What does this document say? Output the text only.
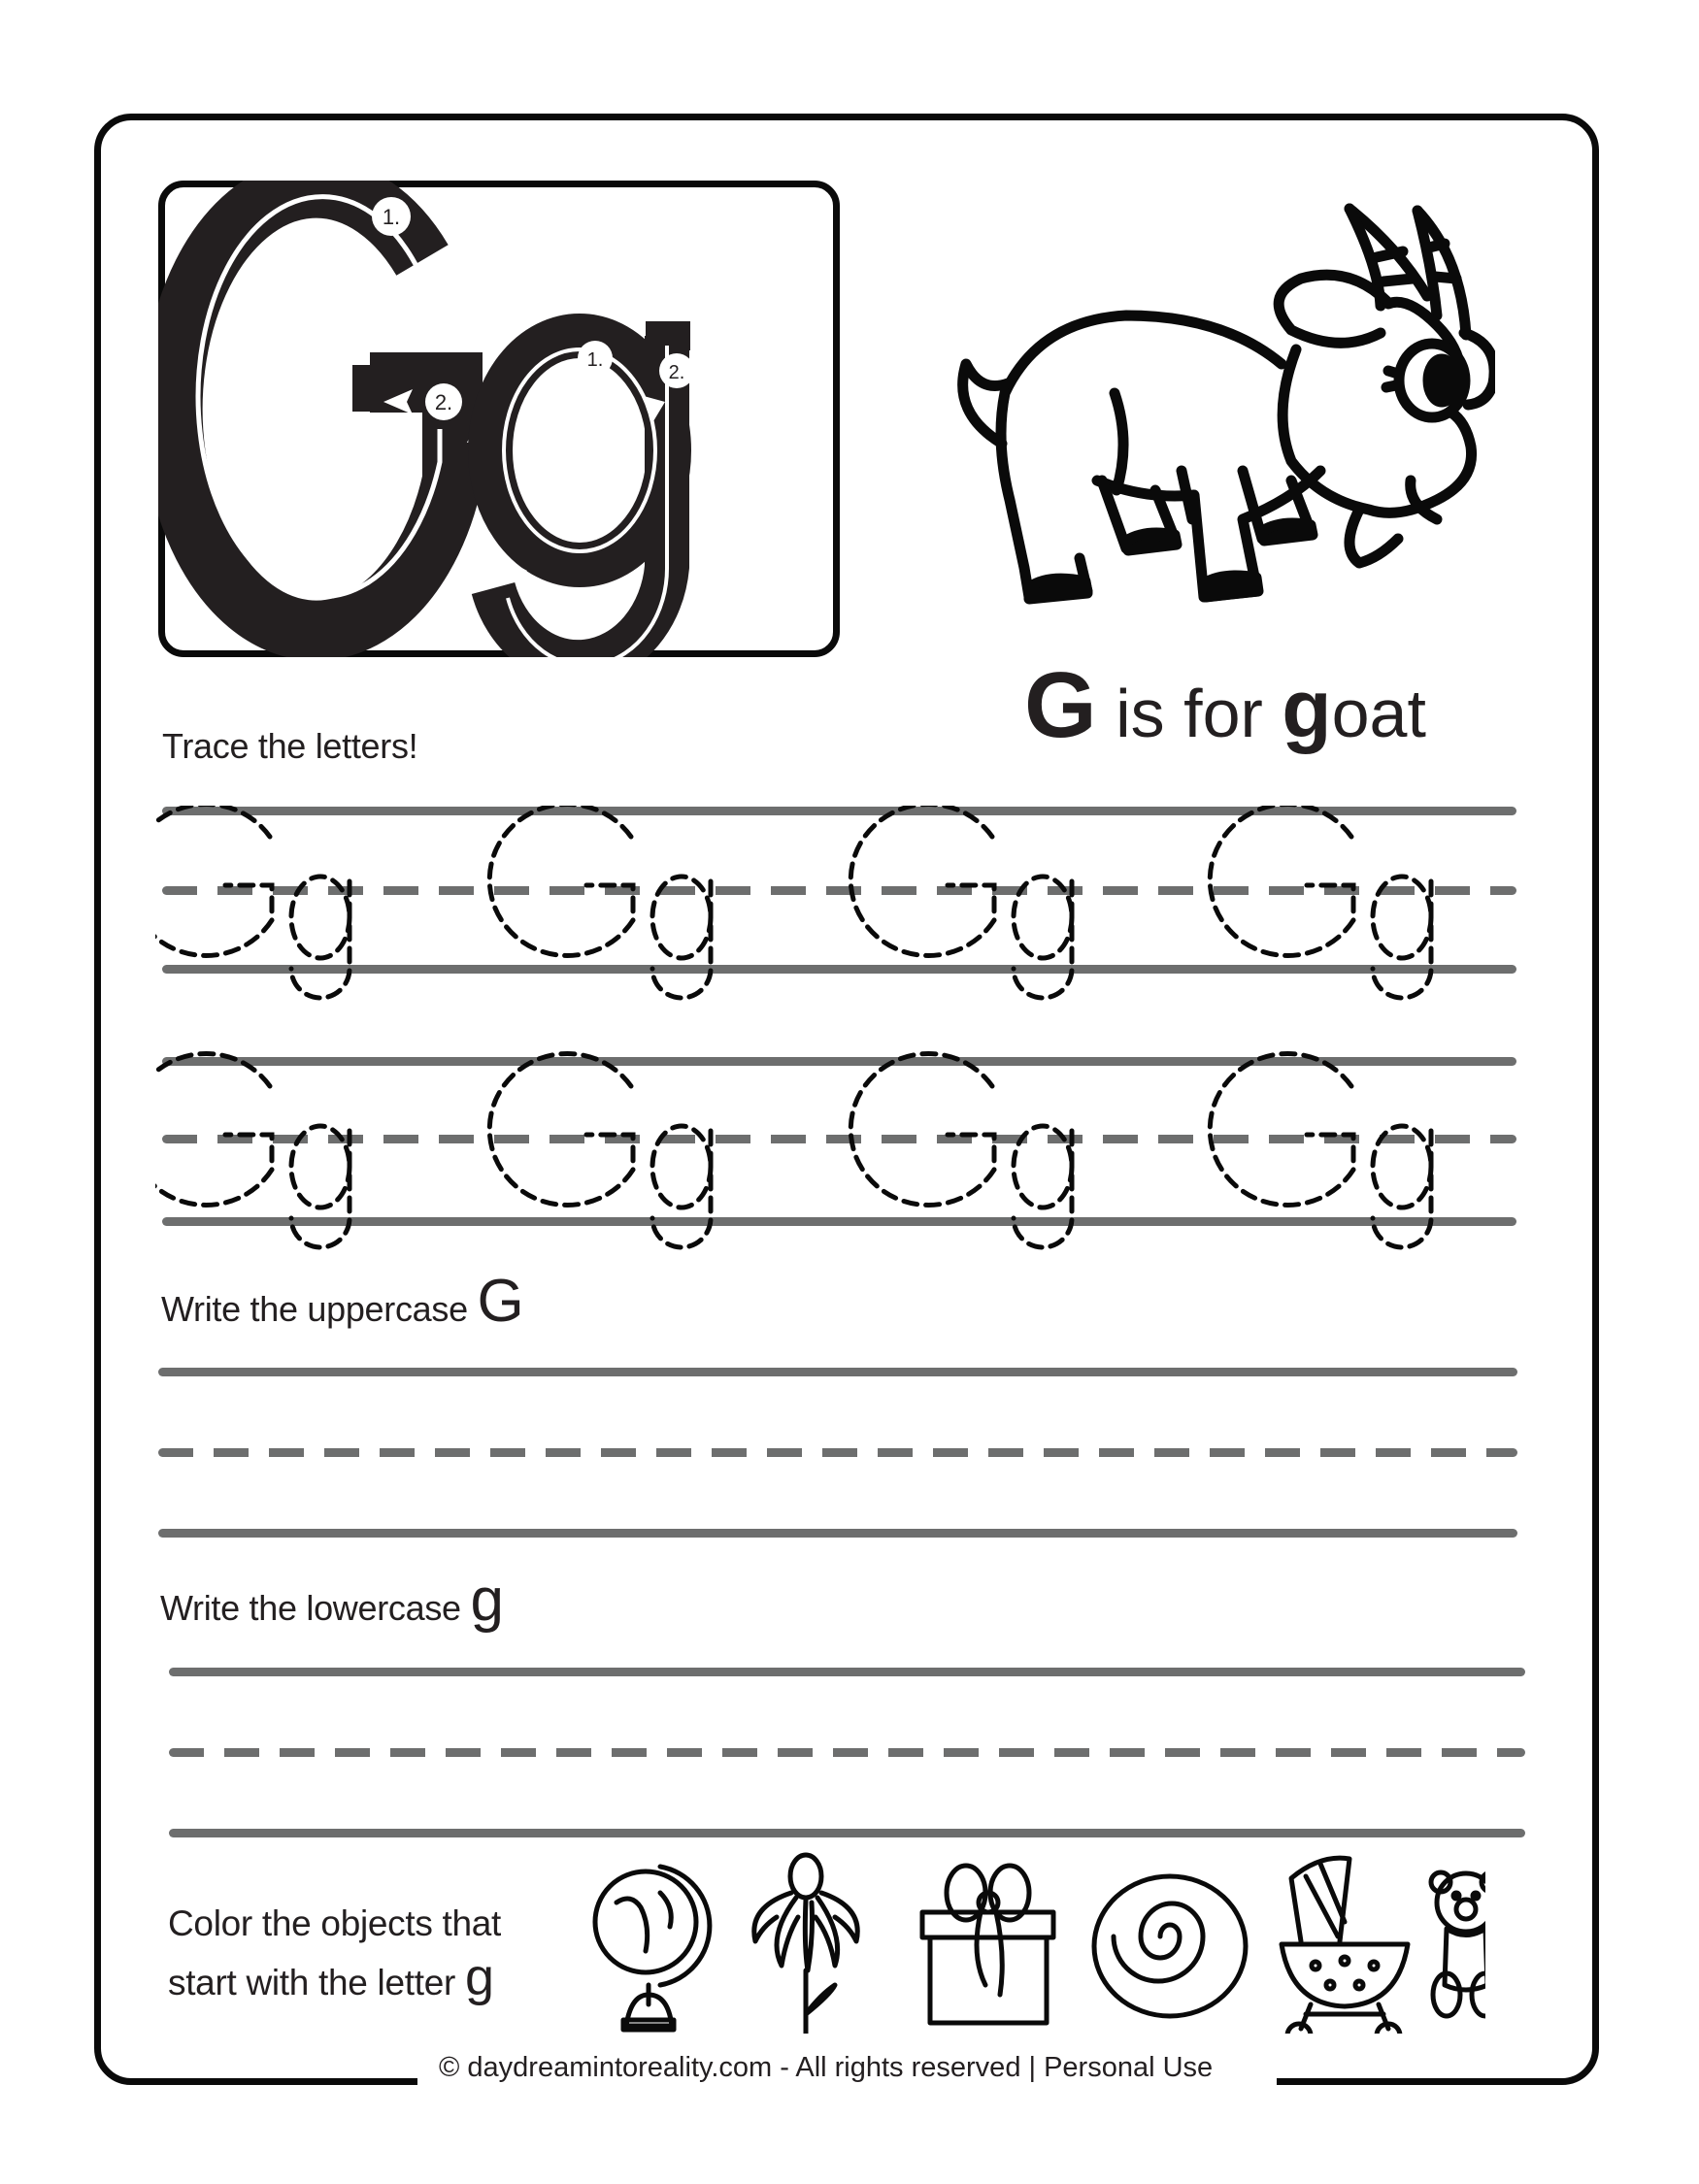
1.
2.
1.
2.
G is for goat
Trace the letters!
Write the uppercase G
Write the lowercase g
Color the objects that
start with the letter g
© daydreamintoreality.com - All rights reserved | Personal Use
